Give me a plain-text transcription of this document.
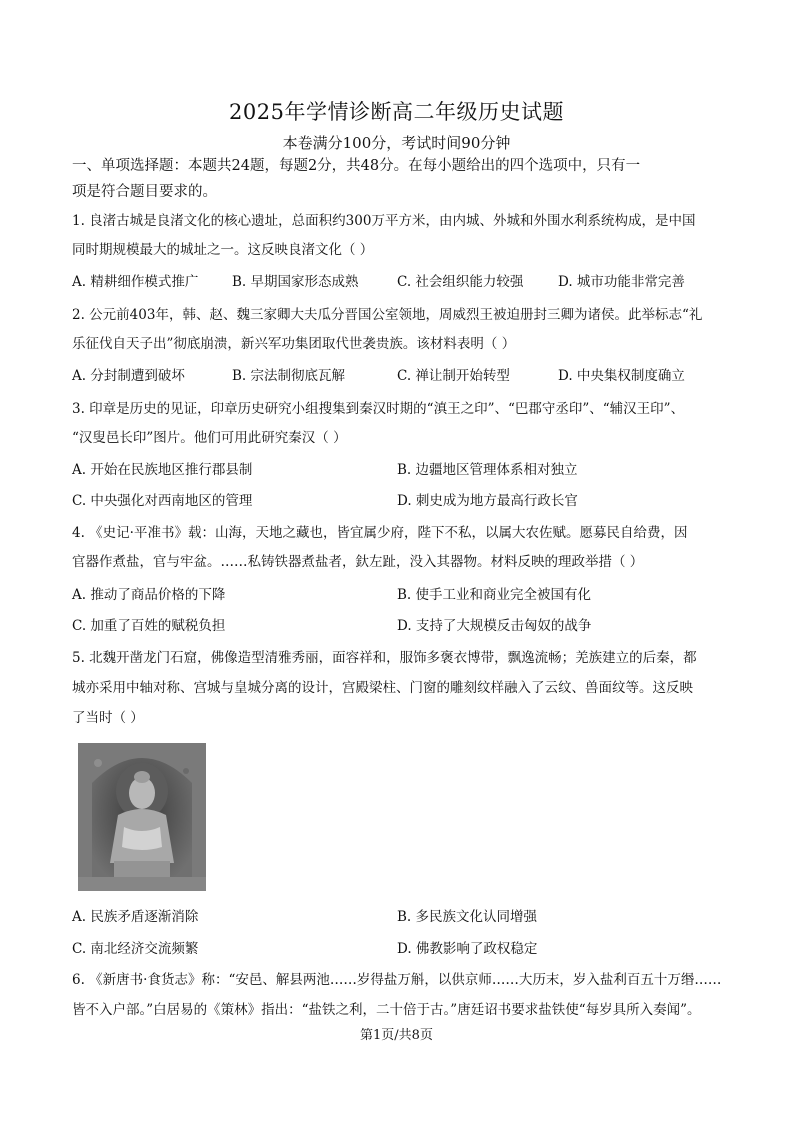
2025年学情诊断高二年级历史试题
本卷满分100分，考试时间90分钟
一、单项选择题：本题共24题，每题2分，共48分。在每小题给出的四个选项中，只有一
项是符合题目要求的。
1. 良渚古城是良渚文化的核心遗址，总面积约300万平方米，由内城、外城和外围水利系统构成，是中国
同时期规模最大的城址之一。这反映良渚文化（ ）
A. 精耕细作模式推广 B. 早期国家形态成熟	C. 社会组织能力较强	D. 城市功能非常完善
2. 公元前403年，韩、赵、魏三家卿大夫瓜分晋国公室领地，周威烈王被迫册封三卿为诸侯。此举标志“礼
乐征伐自天子出”彻底崩溃，新兴军功集团取代世袭贵族。该材料表明（ ）
A. 分封制遭到破坏	B. 宗法制彻底瓦解	C. 禅让制开始转型	D. 中央集权制度确立
3. 印章是历史的见证，印章历史研究小组搜集到秦汉时期的“滇王之印”、“巴郡守丞印”、“辅汉王印”、
“汉叟邑长印”图片。他们可用此研究秦汉（ ）
A. 开始在民族地区推行郡县制	B. 边疆地区管理体系相对独立
C. 中央强化对西南地区的管理	D. 刺史成为地方最高行政长官
4. 《史记·平准书》载：山海，天地之藏也，皆宜属少府，陛下不私，以属大农佐赋。愿募民自给费，因
官器作煮盐，官与牢盆。……私铸铁器煮盐者，釱左趾，没入其器物。材料反映的理政举措（ ）
A. 推动了商品价格的下降	B. 使手工业和商业完全被国有化
C. 加重了百姓的赋税负担	D. 支持了大规模反击匈奴的战争
5. 北魏开凿龙门石窟，佛像造型清雅秀丽，面容祥和，服饰多褒衣博带，飘逸流畅；羌族建立的后秦，都
城亦采用中轴对称、宫城与皇城分离的设计，宫殿梁柱、门窗的雕刻纹样融入了云纹、兽面纹等。这反映
了当时（ ）
A. 民族矛盾逐渐消除	B. 多民族文化认同增强
C. 南北经济交流频繁	D. 佛教影响了政权稳定
6. 《新唐书·食货志》称：“安邑、解县两池……岁得盐万斛，以供京师……大历末，岁入盐利百五十万缗……
皆不入户部。”白居易的《策林》指出：“盐铁之利，二十倍于古。”唐廷诏书要求盐铁使“每岁具所入奏闻”。
第1页/共8页
